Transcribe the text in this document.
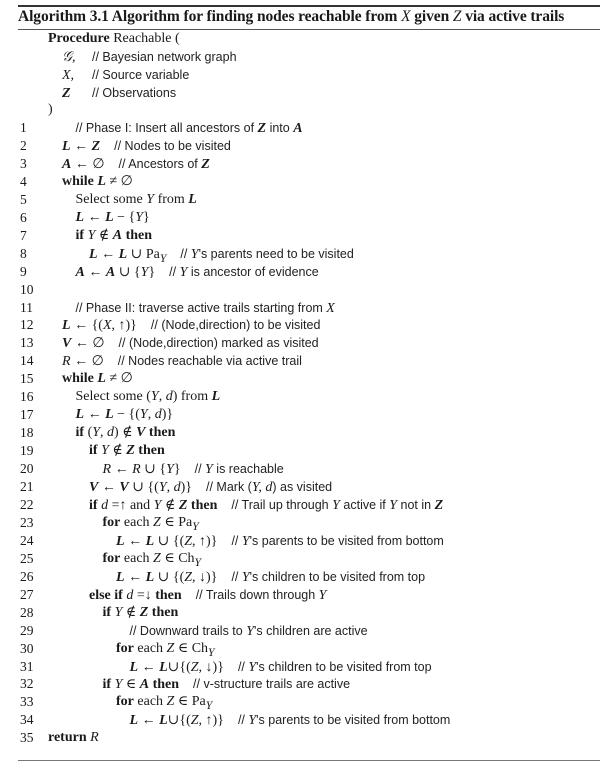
Algorithm 3.1 Algorithm for finding nodes reachable from X given Z via active trails
Procedure Reachable (
𝒢, // Bayesian network graph
X, // Source variable
Z // Observations
)
1	// Phase I: Insert all ancestors of Z into A
2	L ← Z // Nodes to be visited
3	A ← ∅ // Ancestors of Z
4	while L ≠ ∅
5	Select some Y from L
6	L ← L − {Y}
7	if Y ∉ A then
8	L ← L ∪ $Pa_Y // Y's$ parents need to be visited
9	A ← A ∪ {Y} // Y is ancestor of evidence
10
11	// Phase II: traverse active trails starting from X
12	L ← {(X, ↑)} // (Node,direction) to be visited
13	V ← ∅ // (Node,direction) marked as visited
14	R ← ∅ // Nodes reachable via active trail
15	while L ≠ ∅
16	Select some (Y, d) from L
17	L ← L − {(Y, d)}
18	if (Y, d) ∉ V then
19	if Y ∉ Z then
20	R ← R ∪ {Y} // Y is reachable
21	V ← V ∪ {(Y, d)} // Mark (Y, d) as visited
22	if d =↑ and Y ∉ Z then // Trail up through Y active if Y not in Z
23	for each Z ∈ $Pa_Y$
24	L ← L ∪ {(Z, ↑)} // Y's parents to be visited from bottom
25	for each Z ∈ $Ch_Y$
26	L ← L ∪ {(Z, ↓)} // Y's children to be visited from top
27	else if d =↓ then // Trails down through Y
28	if Y ∉ Z then
29	// Downward trails to Y's children are active
30	for each Z ∈ $Ch_Y$
31	L ← L∪{(Z, ↓)} // Y's children to be visited from top
32	if Y ∈ A then // v-structure trails are active
33	for each Z ∈ $Pa_Y$
34	L ← L∪{(Z, ↑)} // Y's parents to be visited from bottom
35	return R
